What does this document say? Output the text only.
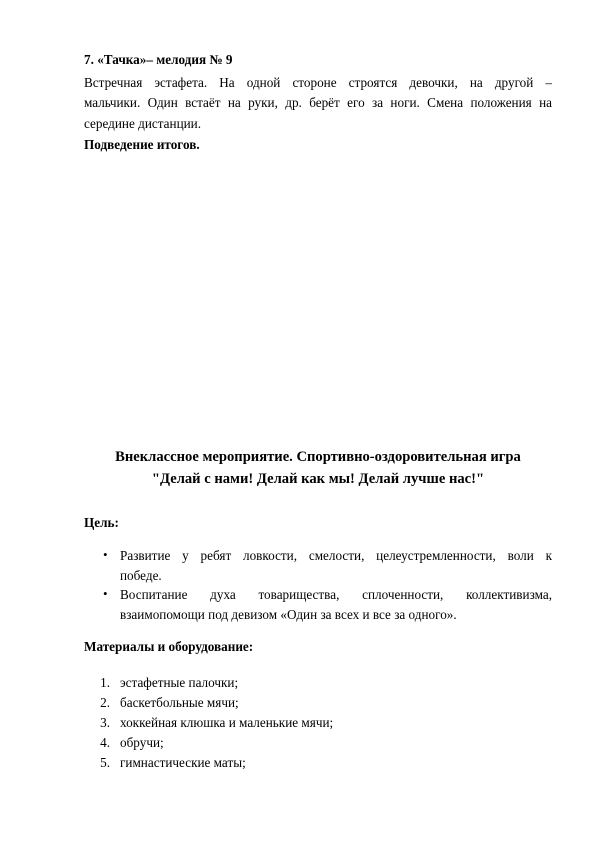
7. «Тачка»– мелодия № 9
Встречная эстафета. На одной стороне строятся девочки, на другой –
мальчики. Один встаёт на руки, др. берёт его за ноги. Смена положения на
середине дистанции.
Подведение итогов.
Внеклассное мероприятие. Спортивно-оздоровительная игра
"Делай с нами! Делай как мы! Делай лучше нас!"
Цель:
• Развитие у ребят ловкости, смелости, целеустремленности, воли к
победе.
• Воспитание духа товарищества, сплоченности, коллективизма,
взаимопомощи под девизом «Один за всех и все за одного».
Материалы и оборудование:
1. эстафетные палочки;
2. баскетбольные мячи;
3. хоккейная клюшка и маленькие мячи;
4. обручи;
5. гимнастические маты;
